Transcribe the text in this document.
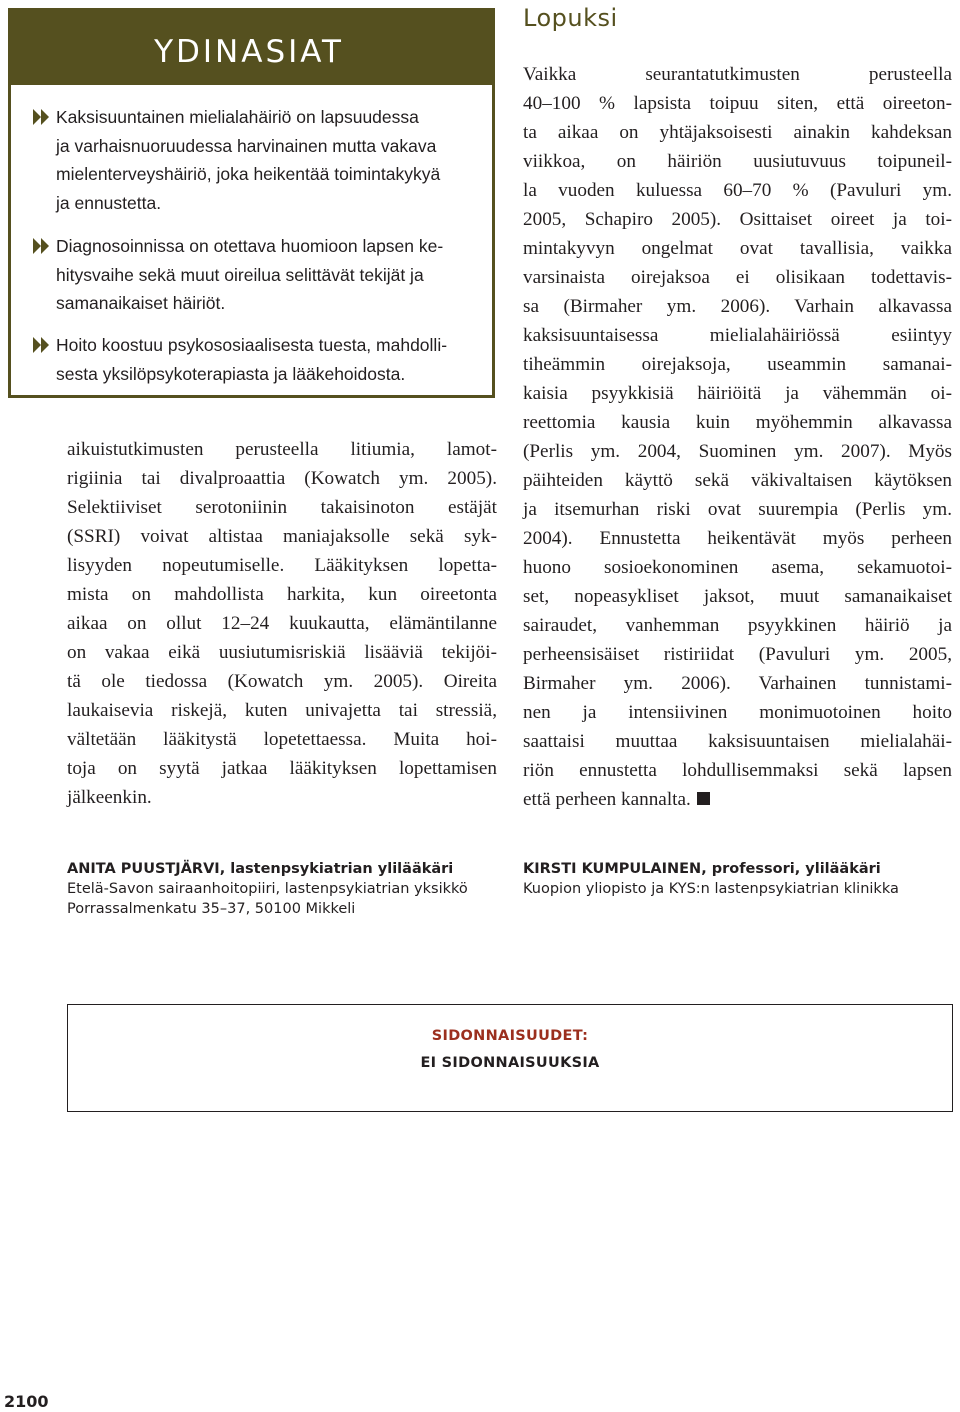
YDINASIAT
Kaksisuuntainen mielialahäiriö on lapsuudessa
ja varhaisnuoruudessa harvinainen mutta vakava
mielenterveyshäiriö, joka heikentää toimintakykyä
ja ennustetta.
Diagnosoinnissa on otettava huomioon lapsen ke-
hitysvaihe sekä muut oireilua selittävät tekijät ja
samanaikaiset häiriöt.
Hoito koostuu psykososiaalisesta tuesta, mahdolli-
sesta yksilöpsykoterapiasta ja lääkehoidosta.
aikuistutkimusten perusteella litiumia, lamot-
rigiinia tai divalproaattia (Kowatch ym. 2005).
Selektiiviset serotoniinin takaisinoton estäjät
(SSRI) voivat altistaa maniajaksolle sekä syk-
lisyyden nopeutumiselle. Lääkityksen lopetta-
mista on mahdollista harkita, kun oireetonta
aikaa on ollut 12–24 kuukautta, elämäntilanne
on vakaa eikä uusiutumisriskiä lisääviä tekijöi-
tä ole tiedossa (Kowatch ym. 2005). Oireita
laukaisevia riskejä, kuten univajetta tai stressiä,
vältetään lääkitystä lopetettaessa. Muita hoi-
toja on syytä jatkaa lääkityksen lopettamisen
jälkeenkin.
Lopuksi
Vaikka seurantatutkimusten perusteella
40–100 % lapsista toipuu siten, että oireeton-
ta aikaa on yhtäjaksoisesti ainakin kahdeksan
viikkoa, on häiriön uusiutuvuus toipuneil-
la vuoden kuluessa 60–70 % (Pavuluri ym.
2005, Schapiro 2005). Osittaiset oireet ja toi-
mintakyvyn ongelmat ovat tavallisia, vaikka
varsinaista oirejaksoa ei olisikaan todettavis-
sa (Birmaher ym. 2006). Varhain alkavassa
kaksisuuntaisessa mielialahäiriössä esiintyy
tiheämmin oirejaksoja, useammin samanai-
kaisia psyykkisiä häiriöitä ja vähemmän oi-
reettomia kausia kuin myöhemmin alkavassa
(Perlis ym. 2004, Suominen ym. 2007). Myös
päihteiden käyttö sekä väkivaltaisen käytöksen
ja itsemurhan riski ovat suurempia (Perlis ym.
2004). Ennustetta heikentävät myös perheen
huono sosioekonominen asema, sekamuotoi-
set, nopeasykliset jaksot, muut samanaikaiset
sairaudet, vanhemman psyykkinen häiriö ja
perheensisäiset ristiriidat (Pavuluri ym. 2005,
Birmaher ym. 2006). Varhainen tunnistami-
nen ja intensiivinen monimuotoinen hoito
saattaisi muuttaa kaksisuuntaisen mielialahäi-
riön ennustetta lohdullisemmaksi sekä lapsen
että perheen kannalta.
ANITA PUUSTJÄRVI, lastenpsykiatrian ylilääkäri
Etelä-Savon sairaanhoitopiiri, lastenpsykiatrian yksikkö
Porrassalmenkatu 35–37, 50100 Mikkeli
KIRSTI KUMPULAINEN, professori, ylilääkäri
Kuopion yliopisto ja KYS:n lastenpsykiatrian klinikka
SIDONNAISUUDET:
EI SIDONNAISUUKSIA
2100
